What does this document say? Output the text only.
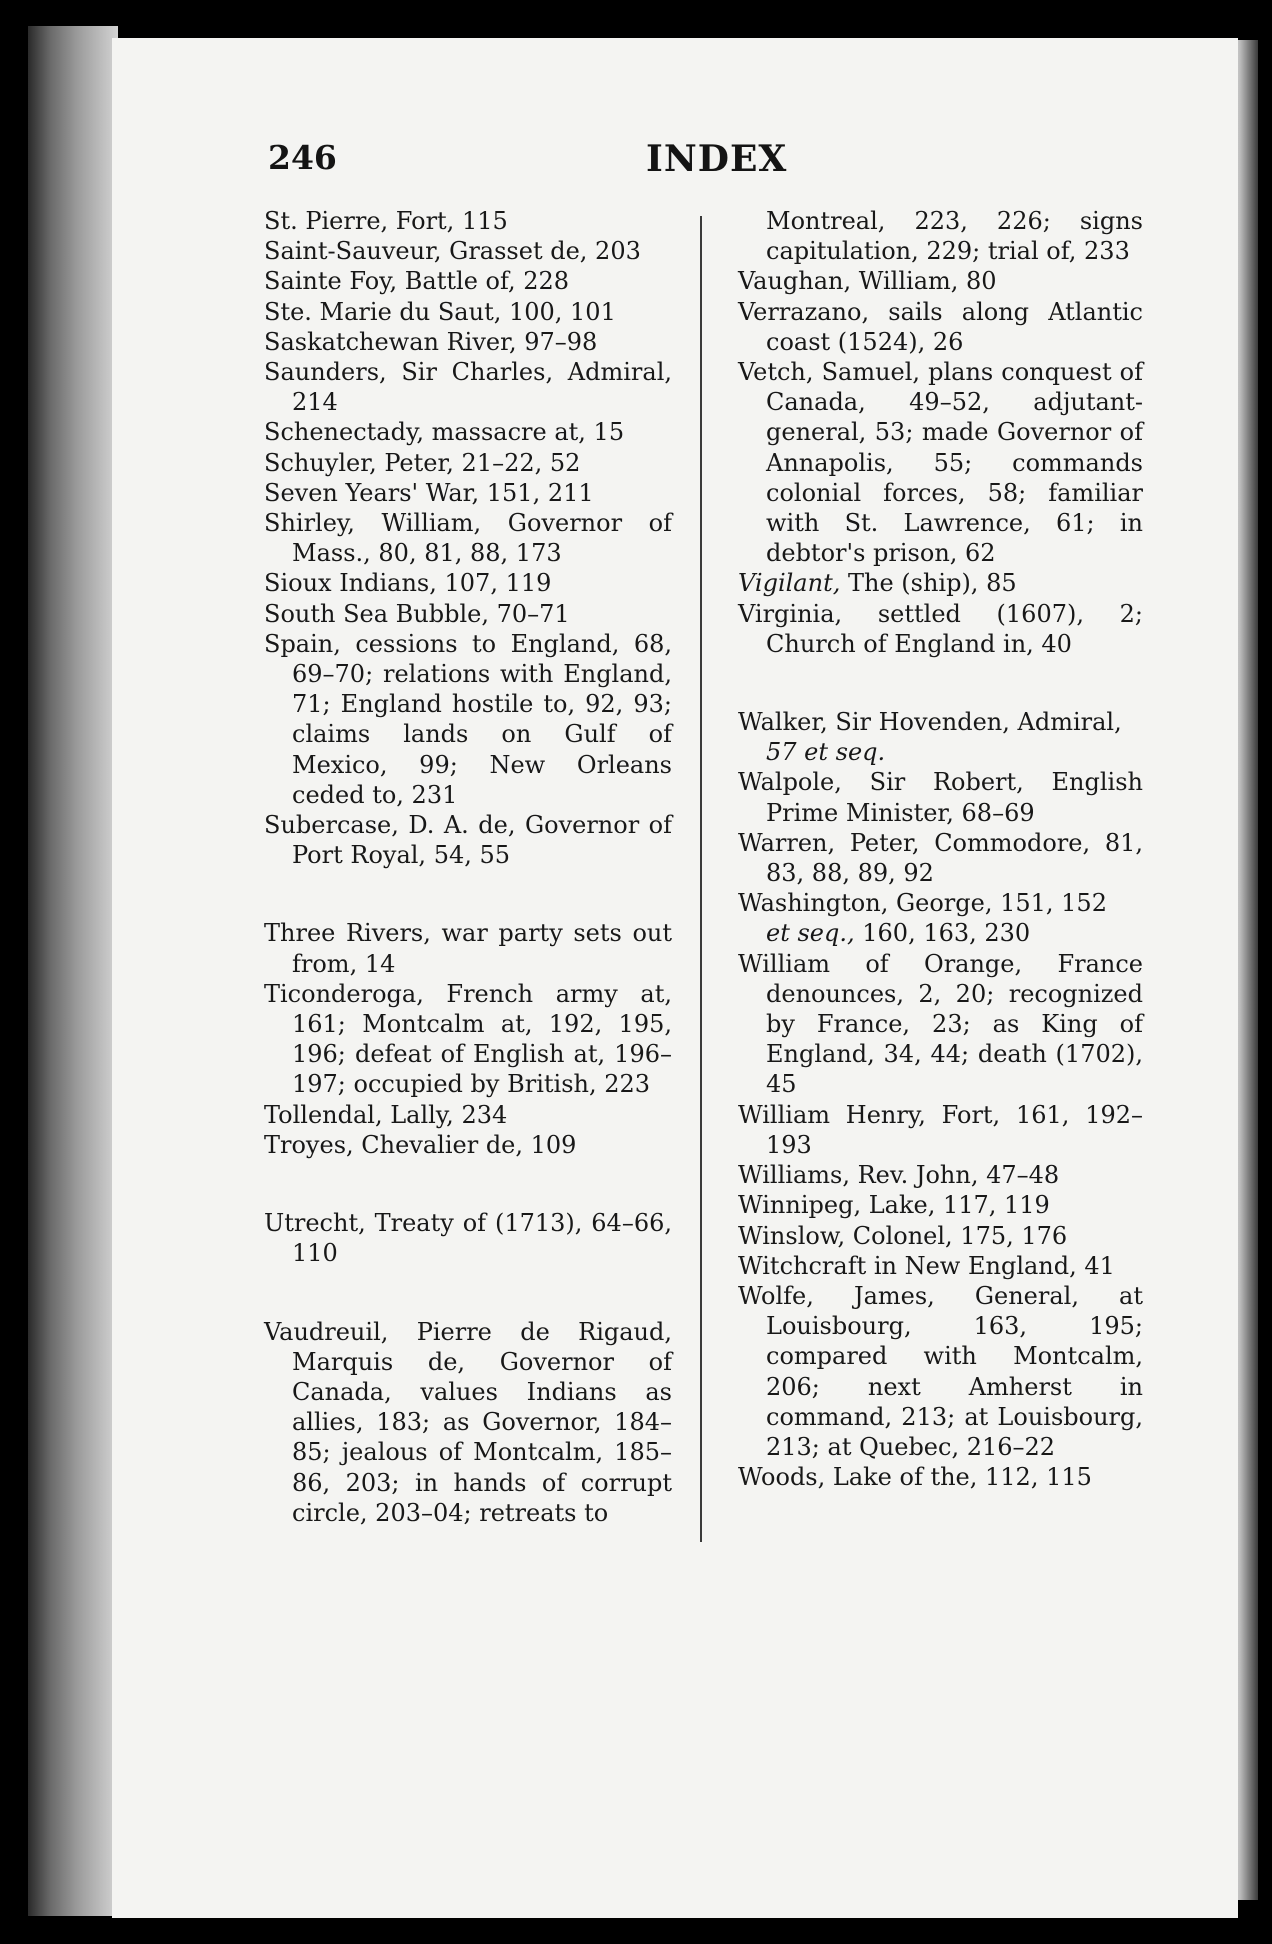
246	INDEX

St. Pierre, Fort, 115

Saint-Sauveur, Grasset de, 203

Sainte Foy, Battle of, 228

Ste. Marie du Saut, 100, 101

Saskatchewan River, 97–98

Saunders, Sir Charles, Admiral, 214

Schenectady, massacre at, 15

Schuyler, Peter, 21–22, 52

Seven Years' War, 151, 211

Shirley, William, Governor of Mass., 80, 81, 88, 173

Sioux Indians, 107, 119

South Sea Bubble, 70–71

Spain, cessions to England, 68, 69–70; relations with England, 71; England hostile to, 92, 93; claims lands on Gulf of Mexico, 99; New Orleans ceded to, 231

Subercase, D. A. de, Governor of Port Royal, 54, 55

Three Rivers, war party sets out from, 14

Ticonderoga, French army at, 161; Montcalm at, 192, 195, 196; defeat of English at, 196–197; occupied by British, 223

Tollendal, Lally, 234

Troyes, Chevalier de, 109

Utrecht, Treaty of (1713), 64–66, 110

Vaudreuil, Pierre de Rigaud, Marquis de, Governor of Canada, values Indians as allies, 183; as Governor, 184–85; jealous of Montcalm, 185–86, 203; in hands of corrupt circle, 203–04; retreats to

Montreal, 223, 226; signs capitulation, 229; trial of, 233

Vaughan, William, 80

Verrazano, sails along Atlantic coast (1524), 26

Vetch, Samuel, plans conquest of Canada, 49–52, adjutant-general, 53; made Governor of Annapolis, 55; commands colonial forces, 58; familiar with St. Lawrence, 61; in debtor's prison, 62

Vigilant, The (ship), 85

Virginia, settled (1607), 2; Church of England in, 40

Walker, Sir Hovenden, Admiral,
57 et seq.

Walpole, Sir Robert, English Prime Minister, 68–69

Warren, Peter, Commodore, 81, 83, 88, 89, 92

Washington, George, 151, 152
et seq., 160, 163, 230

William of Orange, France denounces, 2, 20; recognized by France, 23; as King of England, 34, 44; death (1702), 45

William Henry, Fort, 161, 192–193

Williams, Rev. John, 47–48

Winnipeg, Lake, 117, 119

Winslow, Colonel, 175, 176

Witchcraft in New England, 41

Wolfe, James, General, at Louisbourg, 163, 195; compared with Montcalm, 206; next Amherst in command, 213; at Louisbourg, 213; at Quebec, 216–22

Woods, Lake of the, 112, 115
